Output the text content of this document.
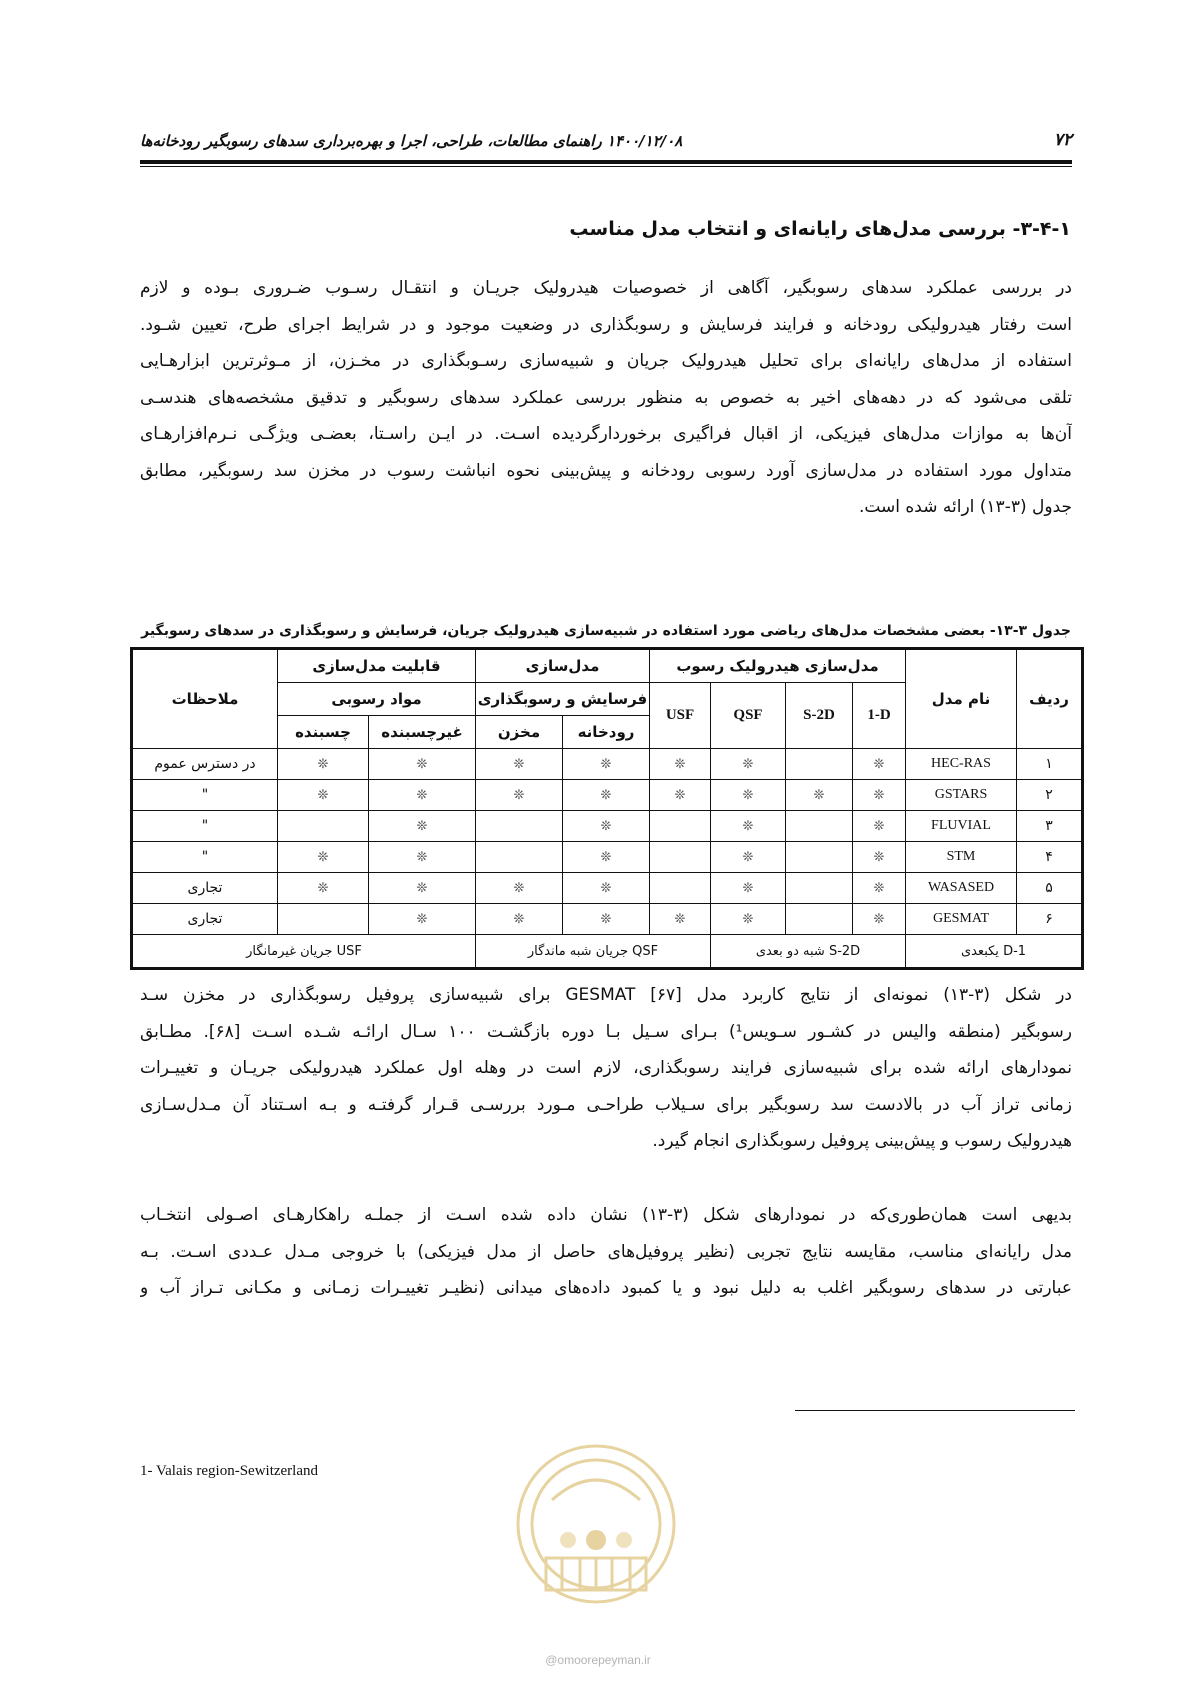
۷۲
۱۴۰۰/۱۲/۰۸ راهنمای مطالعات، طراحی، اجرا و بهره‌برداری سدهای رسوبگیر رودخانه‌ها
۳-۴-۱- بررسی مدل‌های رایانه‌ای و انتخاب مدل مناسب
در بررسی عملکرد سدهای رسوبگیر، آگاهی از خصوصیات هیدرولیک جریـان و انتقـال رسـوب ضـروری بـوده و لازم
است رفتار هیدرولیکی رودخانه و فرایند فرسایش و رسوبگذاری در وضعیت موجود و در شرایط اجرای طرح، تعیین شـود.
استفاده از مدل‌های رایانه‌ای برای تحلیل هیدرولیک جریان و شبیه‌سازی رسـوبگذاری در مخـزن، از مـوثرترین ابزارهـایی
تلقی می‌شود که در دهه‌های اخیر به خصوص به منظور بررسی عملکرد سدهای رسوبگیر و تدقیق مشخصه‌های هندسـی
آن‌ها به موازات مدل‌های فیزیکی، از اقبال فراگیری برخوردارگردیده اسـت. در ایـن راسـتا، بعضـی ویژگـی نـرم‌افزارهـای
متداول مورد استفاده در مدل‌سازی آورد رسوبی رودخانه و پیش‌بینی نحوه انباشت رسوب در مخزن سد رسوبگیر، مطابق
جدول (۳-۱۳) ارائه شده است.
جدول ۳-۱۳- بعضی مشخصات مدل‌های ریاضی مورد استفاده در شبیه‌سازی هیدرولیک جریان، فرسایش و رسوبگذاری در سدهای رسوبگیر
ردیف	نام مدل	مدل‌سازی هیدرولیک رسوب				مدل‌سازی		قابلیت مدل‌سازی		ملاحظات
		1-D	S-2D	QSF	USF	فرسایش و رسوبگذاری		مواد رسوبی		
						رودخانه	مخزن	غیرچسبنده	چسبنده	
۱	HEC-RAS	❊		❊	❊	❊	❊	❊	❊	در دسترس عموم
۲	GSTARS	❊	❊	❊	❊	❊	❊	❊	❊	"
۳	FLUVIAL	❊		❊		❊		❊		"
۴	STM	❊		❊		❊		❊	❊	"
۵	WASASED	❊		❊		❊	❊	❊	❊	تجاری
۶	GESMAT	❊		❊	❊	❊	❊	❊		تجاری
1-D یکبعدی		S-2D شبه دو بعدی			QSF جریان شبه ماندگار			USF جریان غیرمانگار		
در شکل (۳-۱۳) نمونه‌ای از نتایج کاربرد مدل GESMAT [۶۷] برای شبیه‌سازی پروفیل رسوبگذاری در مخزن سـد
رسوبگیر (منطقه والیس در کشـور سـویس¹) بـرای سـیل بـا دوره بازگشـت ۱۰۰ سـال ارائـه شـده اسـت [۶۸]. مطـابق
نمودارهای ارائه شده برای شبیه‌سازی فرایند رسوبگذاری، لازم است در وهله اول عملکرد هیدرولیکی جریـان و تغییـرات
زمانی تراز آب در بالادست سد رسوبگیر برای سـیلاب طراحـی مـورد بررسـی قـرار گرفتـه و بـه اسـتناد آن مـدل‌سـازی
هیدرولیک رسوب و پیش‌بینی پروفیل رسوبگذاری انجام گیرد.
بدیهی است همان‌طوری‌که در نمودارهای شکل (۳-۱۳) نشان داده شده اسـت از جملـه راهکارهـای اصـولی انتخـاب
مدل رایانه‌ای مناسب، مقایسه نتایج تجربی (نظیر پروفیل‌های حاصل از مدل فیزیکی) با خروجی مـدل عـددی اسـت. بـه
عبارتی در سدهای رسوبگیر اغلب به دلیل نبود و یا کمبود داده‌های میدانی (نظیـر تغییـرات زمـانی و مکـانی تـراز آب و
1- Valais region-Sewitzerland
@omoorepeyman.ir
